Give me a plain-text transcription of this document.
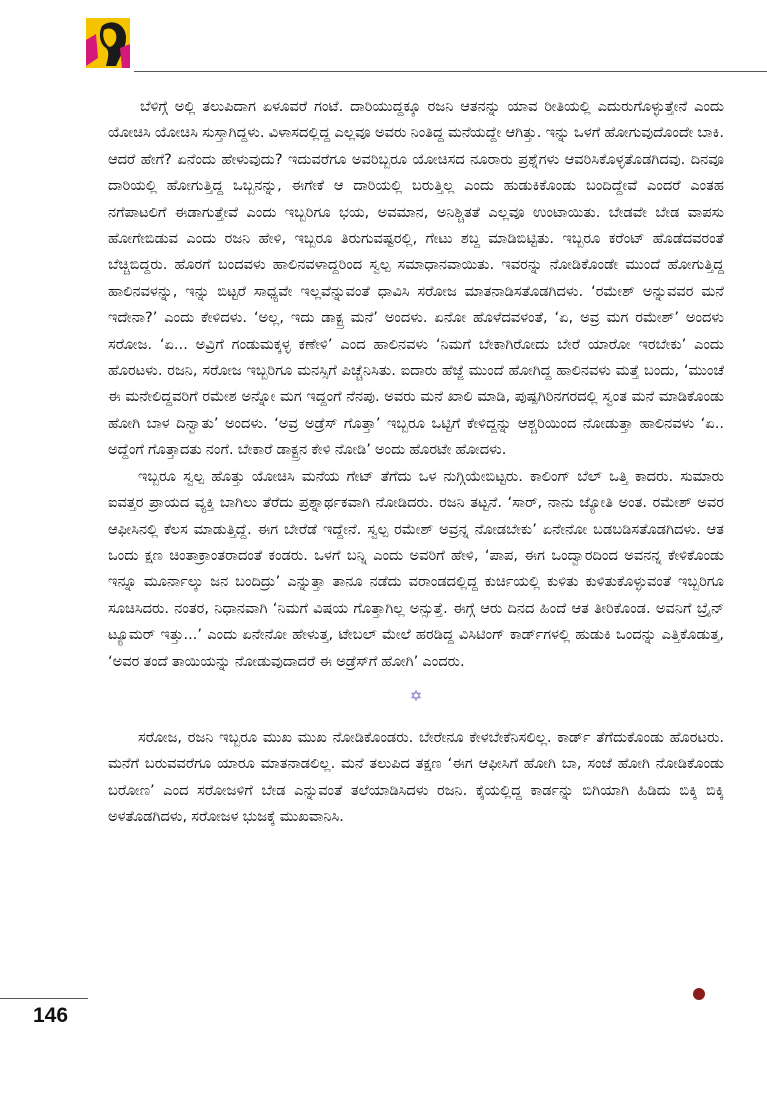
ಬೆಳಿಗ್ಗೆ ಅಲ್ಲಿ ತಲುಪಿದಾಗ ಏಳೂವರೆ ಗಂಟೆ. ದಾರಿಯುದ್ದಕ್ಕೂ ರಜನಿ ಆತನನ್ನು ಯಾವ ರೀತಿಯಲ್ಲಿ ಎದುರುಗೊಳ್ಳುತ್ತೇನೆ ಎಂದು ಯೋಚಿಸಿ ಯೋಚಿಸಿ ಸುಸ್ತಾಗಿದ್ದಳು. ವಿಳಾಸದಲ್ಲಿದ್ದ ಎಲ್ಲವೂ ಅವರು ನಿಂತಿದ್ದ ಮನೆಯದ್ದೇ ಆಗಿತ್ತು. ಇನ್ನು ಒಳಗೆ ಹೋಗುವುದೊಂದೇ ಬಾಕಿ. ಆದರೆ ಹೇಗೆ? ಏನೆಂದು ಹೇಳುವುದು? ಇದುವರೆಗೂ ಅವರಿಬ್ಬರೂ ಯೋಚಿಸದ ನೂರಾರು ಪ್ರಶ್ನೆಗಳು ಆವರಿಸಿಕೊಳ್ಳತೊಡಗಿದವು. ದಿನವೂ ದಾರಿಯಲ್ಲಿ ಹೋಗುತ್ತಿದ್ದ ಒಬ್ಬನನ್ನು, ಈಗೇಕೆ ಆ ದಾರಿಯಲ್ಲಿ ಬರುತ್ತಿಲ್ಲ ಎಂದು ಹುಡುಕಿಕೊಂಡು ಬಂದಿದ್ದೇವೆ ಎಂದರೆ ಎಂತಹ ನಗೆಪಾಟಲಿಗೆ ಈಡಾಗುತ್ತೇವೆ ಎಂದು ಇಬ್ಬರಿಗೂ ಭಯ, ಅವಮಾನ, ಅನಿಶ್ಚಿತತೆ ಎಲ್ಲವೂ ಉಂಟಾಯಿತು. ಬೇಡವೇ ಬೇಡ ವಾಪಸು ಹೋಗೇಬಿಡುವ ಎಂದು ರಜನಿ ಹೇಳಿ, ಇಬ್ಬರೂ ತಿರುಗುವಷ್ಟರಲ್ಲಿ, ಗೇಟು ಶಬ್ದ ಮಾಡಿಬಿಟ್ಟಿತು. ಇಬ್ಬರೂ ಕರೆಂಟ್ ಹೊಡೆದವರಂತೆ ಬೆಚ್ಚಿಬಿದ್ದರು. ಹೊರಗೆ ಬಂದವಳು ಹಾಲಿನವಳಾದ್ದರಿಂದ ಸ್ವಲ್ಪ ಸಮಾಧಾನವಾಯಿತು. ಇವರನ್ನು ನೋಡಿಕೊಂಡೇ ಮುಂದೆ ಹೋಗುತ್ತಿದ್ದ ಹಾಲಿನವಳನ್ನು, ಇನ್ನು ಬಿಟ್ಟರೆ ಸಾಧ್ಯವೇ ಇಲ್ಲವೆನ್ನುವಂತೆ ಧಾವಿಸಿ ಸರೋಜ ಮಾತನಾಡಿಸತೊಡಗಿದಳು. ‘ರಮೇಶ್ ಅನ್ನುವವರ ಮನೆ ಇದೇನಾ?’ ಎಂದು ಕೇಳಿದಳು. ‘ಅಲ್ಲ, ಇದು ಡಾಕ್ಟ್ರ ಮನೆ’ ಅಂದಳು. ಏನೋ ಹೊಳೆದವಳಂತೆ, ‘ಏ, ಅವ್ರ ಮಗ ರಮೇಶ್’ ಅಂದಳು ಸರೋಜ. ‘ಏ... ಅವ್ರಿಗೆ ಗಂಡುಮಕ್ಕಳ್ಳ ಕಣೇಳಿ’ ಎಂದ ಹಾಲಿನವಳು ‘ನಿಮಗೆ ಬೇಕಾಗಿರೋದು ಬೇರೆ ಯಾರೋ ಇರಬೇಕು’ ಎಂದು ಹೊರಟಳು. ರಜನಿ, ಸರೋಜ ಇಬ್ಬರಿಗೂ ಮನಸ್ಸಿಗೆ ಪಿಚ್ಚೆನಿಸಿತು. ಐದಾರು ಹೆಜ್ಜೆ ಮುಂದೆ ಹೋಗಿದ್ದ ಹಾಲಿನವಳು ಮತ್ತೆ ಬಂದು, ‘ಮುಂಚೆ ಈ ಮನೇಲಿದ್ದವರಿಗೆ ರಮೇಶ ಅನ್ನೋ ಮಗ ಇದ್ದಂಗೆ ನೆನಪು. ಅವರು ಮನೆ ಖಾಲಿ ಮಾಡಿ, ಪುಷ್ಪಗಿರಿನಗರದಲ್ಲಿ ಸ್ವಂತ ಮನೆ ಮಾಡಿಕೊಂಡು ಹೋಗಿ ಬಾಳ ದಿನ್ವಾತು’ ಅಂದಳು. ‘ಅವ್ರ ಅಡ್ರೆಸ್ ಗೊತ್ತಾ’ ಇಬ್ಬರೂ ಒಟ್ಟಿಗೆ ಕೇಳಿದ್ದನ್ನು ಆಶ್ಚರಿಯಿಂದ ನೋಡುತ್ತಾ ಹಾಲಿನವಳು ‘ಏ.. ಅದ್ದೆಂಗೆ ಗೊತ್ತಾದತು ನಂಗೆ. ಬೇಕಾರೆ ಡಾಕ್ಟ್ರನ ಕೇಳಿ ನೋಡಿ’ ಅಂದು ಹೊರಟೇ ಹೋದಳು.

ಇಬ್ಬರೂ ಸ್ವಲ್ಪ ಹೊತ್ತು ಯೋಚಿಸಿ ಮನೆಯ ಗೇಟ್ ತೆಗೆದು ಒಳ ನುಗ್ಗಿಯೇಬಿಟ್ಟರು. ಕಾಲಿಂಗ್ ಬೆಲ್ ಒತ್ತಿ ಕಾದರು. ಸುಮಾರು ಐವತ್ತರ ಪ್ರಾಯದ ವ್ಯಕ್ತಿ ಬಾಗಿಲು ತೆರೆದು ಪ್ರಶ್ನಾರ್ಥಕವಾಗಿ ನೋಡಿದರು. ರಜನಿ ತಟ್ಟನೆ. ‘ಸಾರ್, ನಾನು ಜ್ಯೋತಿ ಅಂತ. ರಮೇಶ್ ಅವರ ಆಫೀಸಿನಲ್ಲಿ ಕೆಲಸ ಮಾಡುತ್ತಿದ್ದೆ. ಈಗ ಬೇರೆಡೆ ಇದ್ದೇನೆ. ಸ್ವಲ್ಪ ರಮೇಶ್ ಅವ್ರನ್ನ ನೋಡಬೇಕು’ ಏನೇನೋ ಬಡಬಡಿಸತೊಡಗಿದಳು. ಆತ ಒಂದು ಕ್ಷಣ ಚಿಂತಾಕ್ರಾಂತರಾದಂತೆ ಕಂಡರು. ಒಳಗೆ ಬನ್ನಿ ಎಂದು ಅವರಿಗೆ ಹೇಳಿ, ‘ಪಾಪ, ಈಗ ಒಂದ್ವಾರದಿಂದ ಅವನನ್ನ ಕೇಳಿಕೊಂಡು ಇನ್ನೂ ಮೂರ್ನಾಲ್ಕು ಜನ ಬಂದಿದ್ರು’ ಎನ್ನುತ್ತಾ ತಾನೂ ನಡೆದು ವರಾಂಡದಲ್ಲಿದ್ದ ಕುರ್ಚಿಯಲ್ಲಿ ಕುಳಿತು ಕುಳಿತುಕೊಳ್ಳುವಂತೆ ಇಬ್ಬರಿಗೂ ಸೂಚಿಸಿದರು. ನಂತರ, ನಿಧಾನವಾಗಿ ‘ನಿಮಗೆ ವಿಷಯ ಗೊತ್ತಾಗಿಲ್ಲ ಅನ್ಸುತ್ತೆ. ಈಗ್ಗೆ ಆರು ದಿನದ ಹಿಂದೆ ಆತ ತೀರಿಕೊಂಡ. ಅವನಿಗೆ ಬ್ರೈನ್ ಟ್ಯೂಮರ್ ಇತ್ತು...’ ಎಂದು ಏನೇನೋ ಹೇಳುತ್ತ, ಟೇಬಲ್ ಮೇಲೆ ಹರಡಿದ್ದ ವಿಸಿಟಿಂಗ್ ಕಾರ್ಡ್‌ಗಳಲ್ಲಿ ಹುಡುಕಿ ಒಂದನ್ನು ಎತ್ತಿಕೊಡುತ್ತ, ‘ಅವರ ತಂದೆ ತಾಯಿಯನ್ನು ನೋಡುವುದಾದರೆ ಈ ಅಡ್ರೆಸ್‌ಗೆ ಹೋಗಿ’ ಎಂದರು.

✡

ಸರೋಜ, ರಜನಿ ಇಬ್ಬರೂ ಮುಖ ಮುಖ ನೋಡಿಕೊಂಡರು. ಬೇರೇನೂ ಕೇಳಬೇಕೆನಿಸಲಿಲ್ಲ. ಕಾರ್ಡ್ ತೆಗೆದುಕೊಂಡು ಹೊರಟರು. ಮನೆಗೆ ಬರುವವರೆಗೂ ಯಾರೂ ಮಾತನಾಡಲಿಲ್ಲ. ಮನೆ ತಲುಪಿದ ತಕ್ಷಣ ‘ಈಗ ಆಫೀಸಿಗೆ ಹೋಗಿ ಬಾ, ಸಂಜೆ ಹೋಗಿ ನೋಡಿಕೊಂಡು ಬರೋಣ’ ಎಂದ ಸರೋಜಳಿಗೆ ಬೇಡ ಎನ್ನುವಂತೆ ತಲೆಯಾಡಿಸಿದಳು ರಜನಿ. ಕೈಯಲ್ಲಿದ್ದ ಕಾರ್ಡನ್ನು ಬಿಗಿಯಾಗಿ ಹಿಡಿದು ಬಿಕ್ಕಿ ಬಿಕ್ಕಿ ಅಳತೊಡಗಿದಳು, ಸರೋಜಳ ಭುಜಕ್ಕೆ ಮುಖವಾನಿಸಿ.

146
